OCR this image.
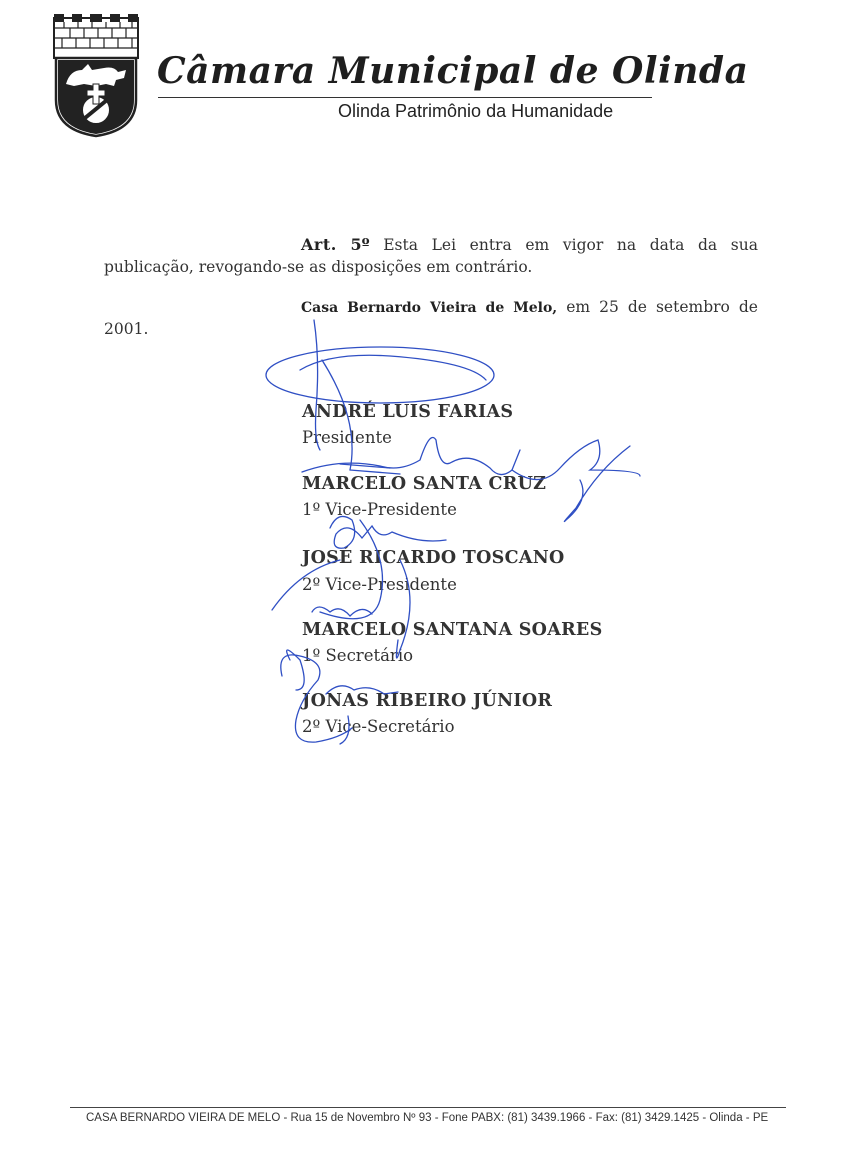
Câmara Municipal de Olinda
Olinda Patrimônio da Humanidade
Art. 5º Esta Lei entra em vigor na data da sua
publicação, revogando-se as disposições em contrário.
Casa Bernardo Vieira de Melo, em 25 de setembro de
2001.
ANDRÉ LUIS FARIAS
Presidente
MARCELO SANTA CRUZ
1º Vice-Presidente
JOSÉ RICARDO TOSCANO
2º Vice-Presidente
MARCELO SANTANA SOARES
1º Secretário
JONAS RIBEIRO JÚNIOR
2º Vice-Secretário
CASA BERNARDO VIEIRA DE MELO - Rua 15 de Novembro Nº 93 - Fone PABX: (81) 3439.1966 - Fax: (81) 3429.1425 - Olinda - PE
